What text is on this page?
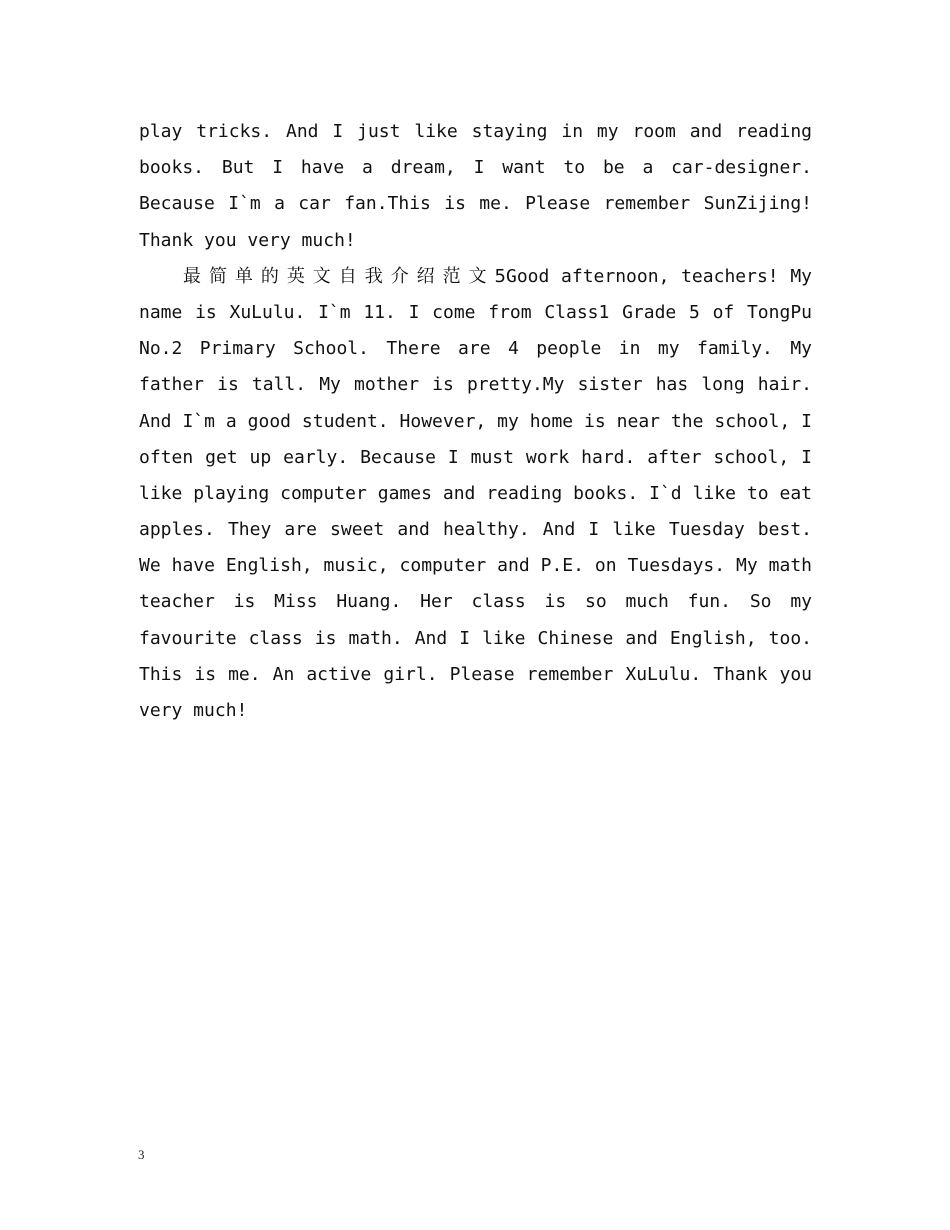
play tricks. And I just like staying in my room and reading
books. But I have a dream, I want to be a car-designer.
Because I`m a car fan.This is me. Please remember SunZijing!
Thank you very much!
最简单的英文自我介绍范文5Good afternoon, teachers! My
name is XuLulu. I`m 11. I come from Class1 Grade 5 of TongPu
No.2 Primary School. There are 4 people in my family. My
father is tall. My mother is pretty.My sister has long hair.
And I`m a good student. However, my home is near the school, I
often get up early. Because I must work hard. after school, I
like playing computer games and reading books. I`d like to eat
apples. They are sweet and healthy. And I like Tuesday best.
We have English, music, computer and P.E. on Tuesdays. My math
teacher is Miss Huang. Her class is so much fun. So my
favourite class is math. And I like Chinese and English, too.
This is me. An active girl. Please remember XuLulu. Thank you
very much!
3
